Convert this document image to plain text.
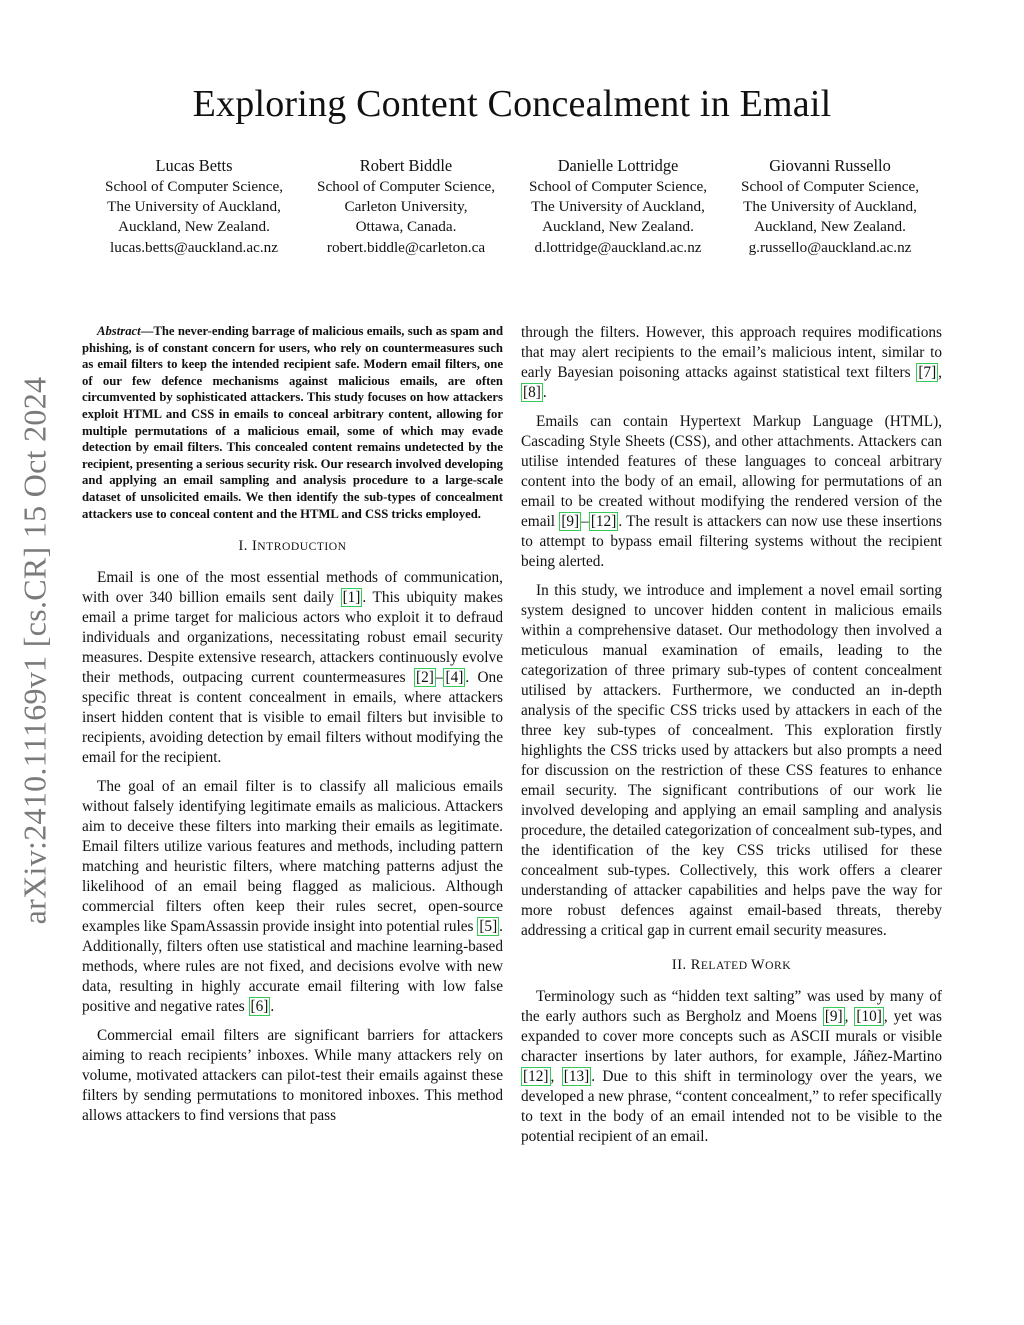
arXiv:2410.11169v1 [cs.CR] 15 Oct 2024
Exploring Content Concealment in Email
Lucas Betts
School of Computer Science,
The University of Auckland,
Auckland, New Zealand.
lucas.betts@auckland.ac.nz
Robert Biddle
School of Computer Science,
Carleton University,
Ottawa, Canada.
robert.biddle@carleton.ca
Danielle Lottridge
School of Computer Science,
The University of Auckland,
Auckland, New Zealand.
d.lottridge@auckland.ac.nz
Giovanni Russello
School of Computer Science,
The University of Auckland,
Auckland, New Zealand.
g.russello@auckland.ac.nz

Abstract—The never-ending barrage of malicious emails, such as spam and phishing, is of constant concern for users, who rely on countermeasures such as email filters to keep the intended recipient safe. Modern email filters, one of our few defence mechanisms against malicious emails, are often circumvented by sophisticated attackers. This study focuses on how attackers exploit HTML and CSS in emails to conceal arbitrary content, allowing for multiple permutations of a malicious email, some of which may evade detection by email filters. This concealed content remains undetected by the recipient, presenting a serious security risk. Our research involved developing and applying an email sampling and analysis procedure to a large-scale dataset of unsolicited emails. We then identify the sub-types of concealment attackers use to conceal content and the HTML and CSS tricks employed.

I. INTRODUCTION

Email is one of the most essential methods of communication, with over 340 billion emails sent daily [1] . This ubiquity makes email a prime target for malicious actors who exploit it to defraud individuals and organizations, necessitating robust email security measures. Despite extensive research, attackers continuously evolve their methods, outpacing current countermeasures [2] – [4] . One specific threat is content concealment in emails, where attackers insert hidden content that is visible to email filters but invisible to recipients, avoiding detection by email filters without modifying the email for the recipient.

The goal of an email filter is to classify all malicious emails without falsely identifying legitimate emails as malicious. Attackers aim to deceive these filters into marking their emails as legitimate. Email filters utilize various features and methods, including pattern matching and heuristic filters, where matching patterns adjust the likelihood of an email being flagged as malicious. Although commercial filters often keep their rules secret, open-source examples like SpamAssassin provide insight into potential rules [5] . Additionally, filters often use statistical and machine learning-based methods, where rules are not fixed, and decisions evolve with new data, resulting in highly accurate email filtering with low false positive and negative rates [6] .

Commercial email filters are significant barriers for attackers aiming to reach recipients’ inboxes. While many attackers rely on volume, motivated attackers can pilot-test their emails against these filters by sending permutations to monitored inboxes. This method allows attackers to find versions that pass

through the filters. However, this approach requires modifications that may alert recipients to the email’s malicious intent, similar to early Bayesian poisoning attacks against statistical text filters [7] , [8] .

Emails can contain Hypertext Markup Language (HTML), Cascading Style Sheets (CSS), and other attachments. Attackers can utilise intended features of these languages to conceal arbitrary content into the body of an email, allowing for permutations of an email to be created without modifying the rendered version of the email [9] – [12] . The result is attackers can now use these insertions to attempt to bypass email filtering systems without the recipient being alerted.

In this study, we introduce and implement a novel email sorting system designed to uncover hidden content in malicious emails within a comprehensive dataset. Our methodology then involved a meticulous manual examination of emails, leading to the categorization of three primary sub-types of content concealment utilised by attackers. Furthermore, we conducted an in-depth analysis of the specific CSS tricks used by attackers in each of the three key sub-types of concealment. This exploration firstly highlights the CSS tricks used by attackers but also prompts a need for discussion on the restriction of these CSS features to enhance email security. The significant contributions of our work lie involved developing and applying an email sampling and analysis procedure, the detailed categorization of concealment sub-types, and the identification of the key CSS tricks utilised for these concealment sub-types. Collectively, this work offers a clearer understanding of attacker capabilities and helps pave the way for more robust defences against email-based threats, thereby addressing a critical gap in current email security measures.

II. RELATED WORK

Terminology such as “hidden text salting” was used by many of the early authors such as Bergholz and Moens [9] , [10] , yet was expanded to cover more concepts such as ASCII murals or visible character insertions by later authors, for example, Jáñez-Martino [12] , [13] . Due to this shift in terminology over the years, we developed a new phrase, “content concealment,” to refer specifically to text in the body of an email intended not to be visible to the potential recipient of an email.
